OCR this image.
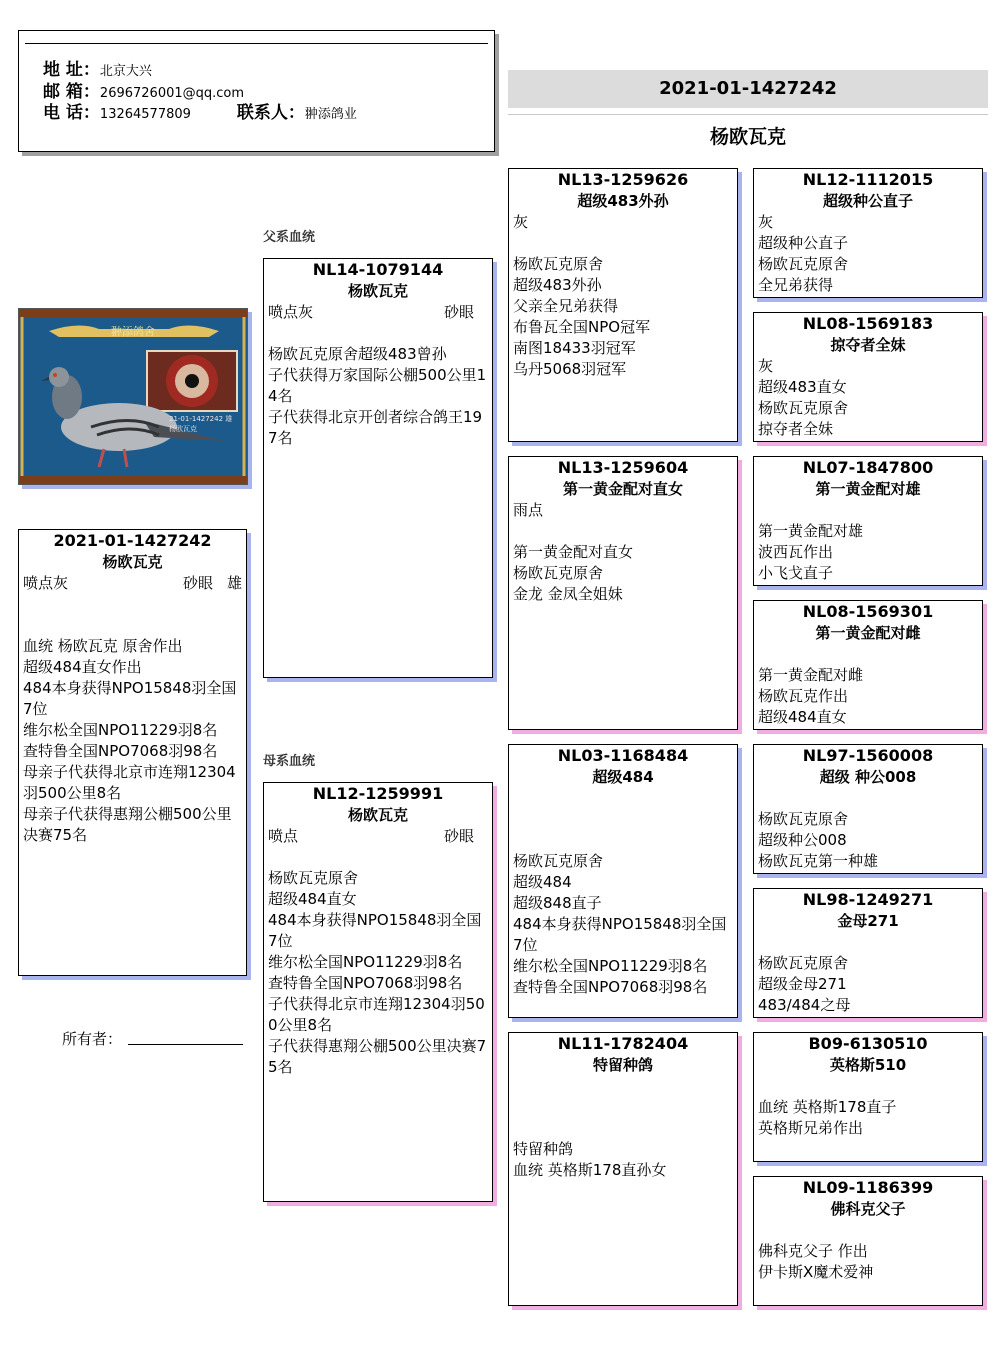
地 址：北京大兴
邮 箱：2696726001@qq.com
电 话：13264577809	联系人：翀添鸽业
2021-01-1427242
杨欧瓦克
翀添鸽舍
21-01-1427242 雄
杨欧瓦克
2021-01-1427242
杨欧瓦克
喷点灰	砂眼 雄
血统 杨欧瓦克 原舍作出
超级484直女作出
484本身获得NPO15848羽全国7位
维尔松全国NPO11229羽8名
查特鲁全国NPO7068羽98名
母亲子代获得北京市连翔12304羽500公里8名
母亲子代获得惠翔公棚500公里决赛75名
所有者：
父系血统
母系血统
NL14-1079144
杨欧瓦克
喷点灰	砂眼
杨欧瓦克原舍超级483曾孙
子代获得万家国际公棚500公里14名
子代获得北京开创者综合鸽王197名
NL12-1259991
杨欧瓦克
喷点	砂眼
杨欧瓦克原舍
超级484直女
484本身获得NPO15848羽全国7位
维尔松全国NPO11229羽8名
查特鲁全国NPO7068羽98名
子代获得北京市连翔12304羽500公里8名
子代获得惠翔公棚500公里决赛75名
NL13-1259626
超级483外孙
灰
杨欧瓦克原舍
超级483外孙
父亲全兄弟获得
布鲁瓦全国NPO冠军
南图18433羽冠军
乌丹5068羽冠军
NL13-1259604
第一黄金配对直女
雨点
第一黄金配对直女
杨欧瓦克原舍
金龙 金凤全姐妹
NL03-1168484
超级484
杨欧瓦克原舍
超级484
超级848直子
484本身获得NPO15848羽全国7位
维尔松全国NPO11229羽8名
查特鲁全国NPO7068羽98名
NL11-1782404
特留种鸽
特留种鸽
血统 英格斯178直孙女
NL12-1112015
超级种公直子
灰
超级种公直子
杨欧瓦克原舍
全兄弟获得
NL08-1569183
掠夺者全妹
灰
超级483直女
杨欧瓦克原舍
掠夺者全妹
NL07-1847800
第一黄金配对雄
第一黄金配对雄
波西瓦作出
小飞戈直子
NL08-1569301
第一黄金配对雌
第一黄金配对雌
杨欧瓦克作出
超级484直女
NL97-1560008
超级 种公008
杨欧瓦克原舍
超级种公008
杨欧瓦克第一种雄
NL98-1249271
金母271
杨欧瓦克原舍
超级金母271
483/484之母
B09-6130510
英格斯510
血统 英格斯178直子
英格斯兄弟作出
NL09-1186399
佛科克父子
佛科克父子 作出
伊卡斯X魔术爱神
